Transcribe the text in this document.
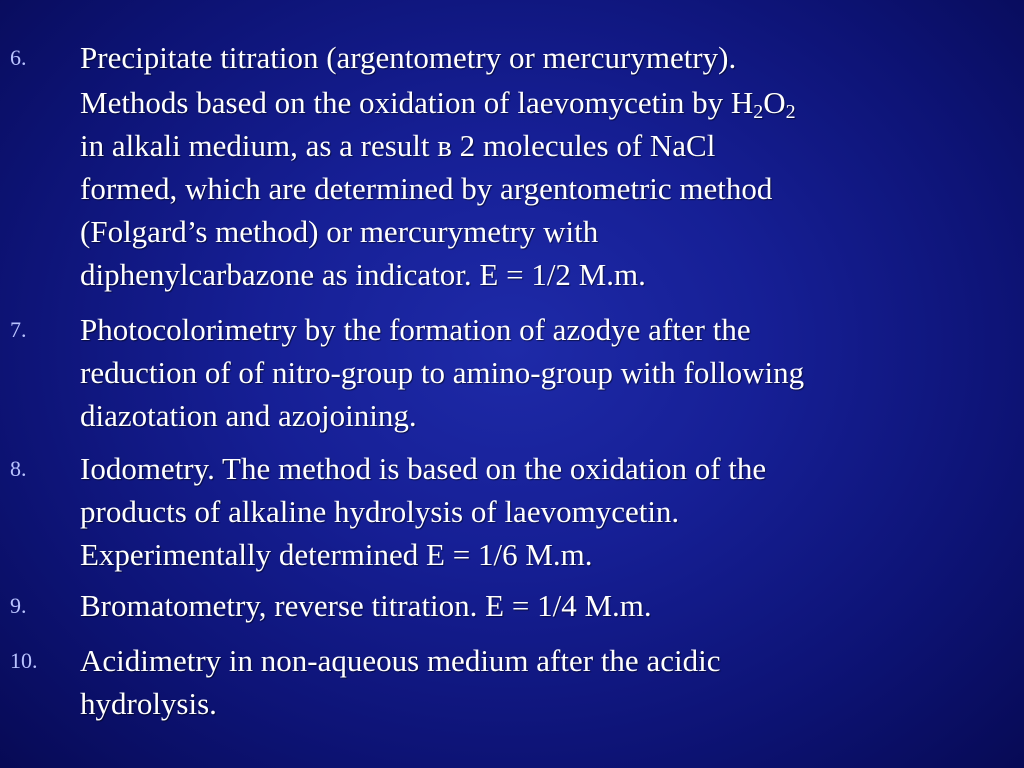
6.	Precipitate titration (argentometry or mercurymetry).
Methods based on the oxidation of laevomycetin by $H_2O_2$
in alkali medium, as a result в 2 molecules of NaCl
formed, which are determined by argentometric method
(Folgard’s method) or mercurymetry with
diphenylcarbazone as indicator. E = 1/2 M.m.
7.	Photocolorimetry by the formation of azodye after the
reduction of of nitro-group to amino-group with following
diazotation and azojoining.
8.	Iodometry. The method is based on the oxidation of the
products of alkaline hydrolysis of laevomycetin.
Experimentally determined E = 1/6 M.m.
9.	Bromatometry, reverse titration. E = 1/4 M.m.
10.	Acidimetry in non-aqueous medium after the acidic
hydrolysis.
